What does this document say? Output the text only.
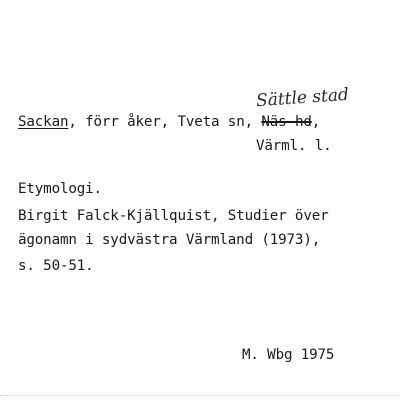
Sättle stad
Sackan, förr åker, Tveta sn, Näs hd,
Värml. l.
Etymologi.
Birgit Falck-Kjällquist, Studier över
ägonamn i sydvästra Värmland (1973),
s. 50-51.
M. Wbg 1975
